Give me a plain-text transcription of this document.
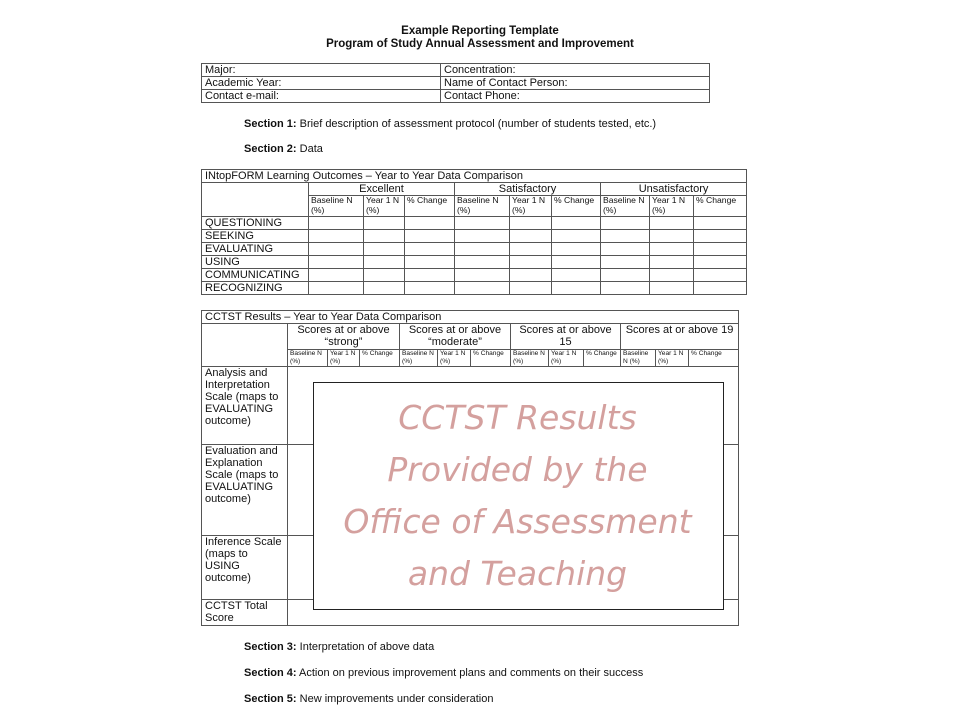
Example Reporting Template
Program of Study Annual Assessment and Improvement
Major:	Concentration:
Academic Year:	Name of Contact Person:
Contact e-mail:	Contact Phone:
Section 1: Brief description of assessment protocol (number of students tested, etc.)
Section 2: Data
INtopFORM Learning Outcomes – Year to Year Data Comparison									
	Excellent			Satisfactory			Unsatisfactory		
	Baseline N (%)	Year 1 N (%)	% Change	Baseline N (%)	Year 1 N (%)	% Change	Baseline N (%)	Year 1 N (%)	% Change
QUESTIONING									
SEEKING									
EVALUATING									
USING									
COMMUNICATING									
RECOGNIZING									
CCTST Results – Year to Year Data Comparison												
	Scores at or above “strong”			Scores at or above “moderate”			Scores at or above 15			Scores at or above 19		
	Baseline N (%)	Year 1 N (%)	% Change	Baseline N (%)	Year 1 N (%)	% Change	Baseline N (%)	Year 1 N (%)	% Change	Baseline N (%)	Year 1 N (%)	% Change
Analysis and Interpretation Scale (maps to EVALUATING outcome)												
Evaluation and Explanation Scale (maps to EVALUATING outcome)												
Inference Scale (maps to USING outcome)												
CCTST Total Score												
CCTST Results
Provided by the
Office of Assessment
and Teaching
Section 3: Interpretation of above data
Section 4: Action on previous improvement plans and comments on their success
Section 5: New improvements under consideration
